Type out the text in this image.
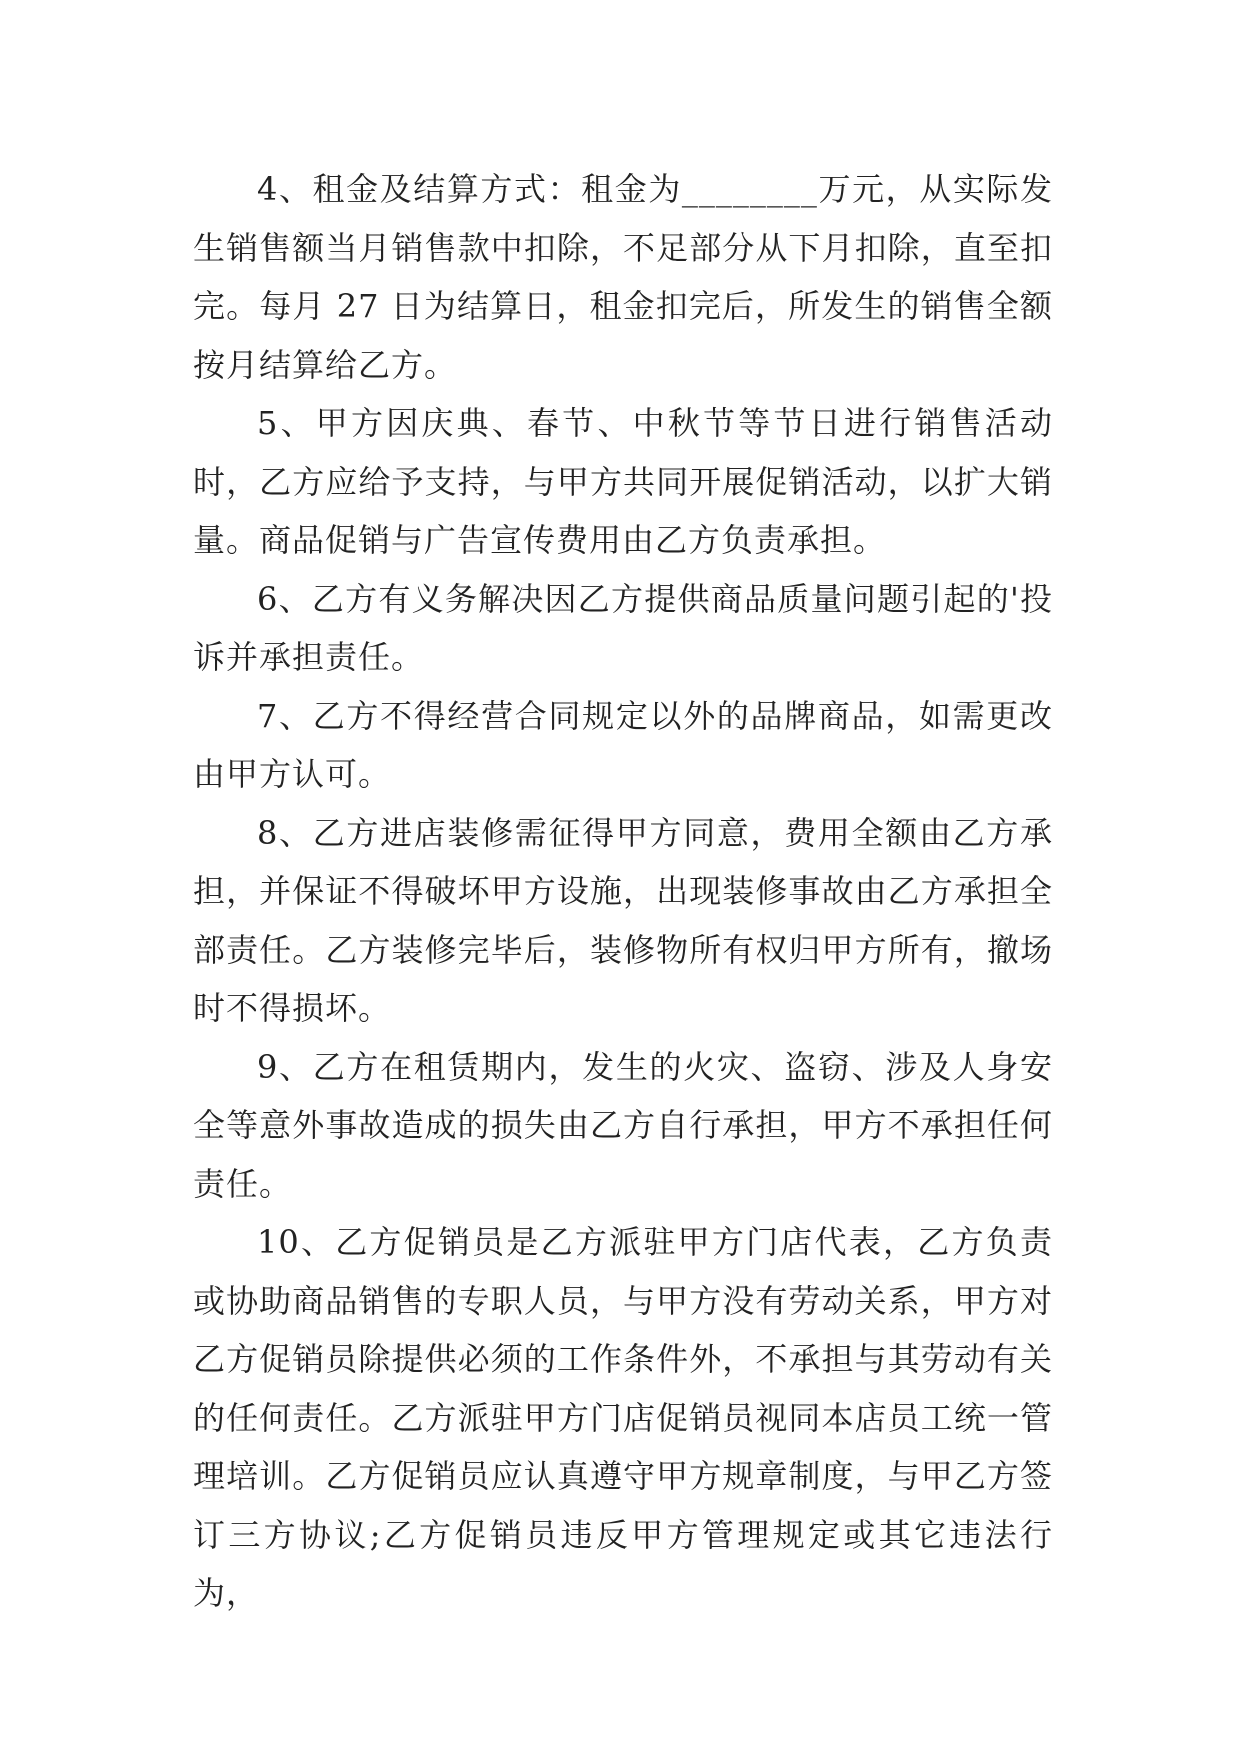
4、租金及结算方式：租金为________万元，从实际发生销售额当月销售款中扣除，不足部分从下月扣除，直至扣完。每月 27 日为结算日，租金扣完后，所发生的销售全额按月结算给乙方。

5、甲方因庆典、春节、中秋节等节日进行销售活动时，乙方应给予支持，与甲方共同开展促销活动，以扩大销量。商品促销与广告宣传费用由乙方负责承担。

6、乙方有义务解决因乙方提供商品质量问题引起的'投诉并承担责任。

7、乙方不得经营合同规定以外的品牌商品，如需更改由甲方认可。

8、乙方进店装修需征得甲方同意，费用全额由乙方承担，并保证不得破坏甲方设施，出现装修事故由乙方承担全部责任。乙方装修完毕后，装修物所有权归甲方所有，撤场时不得损坏。

9、乙方在租赁期内，发生的火灾、盗窃、涉及人身安全等意外事故造成的损失由乙方自行承担，甲方不承担任何责任。

10、乙方促销员是乙方派驻甲方门店代表，乙方负责或协助商品销售的专职人员，与甲方没有劳动关系，甲方对乙方促销员除提供必须的工作条件外，不承担与其劳动有关的任何责任。乙方派驻甲方门店促销员视同本店员工统一管理培训。乙方促销员应认真遵守甲方规章制度，与甲乙方签订三方协议;乙方促销员违反甲方管理规定或其它违法行为，
